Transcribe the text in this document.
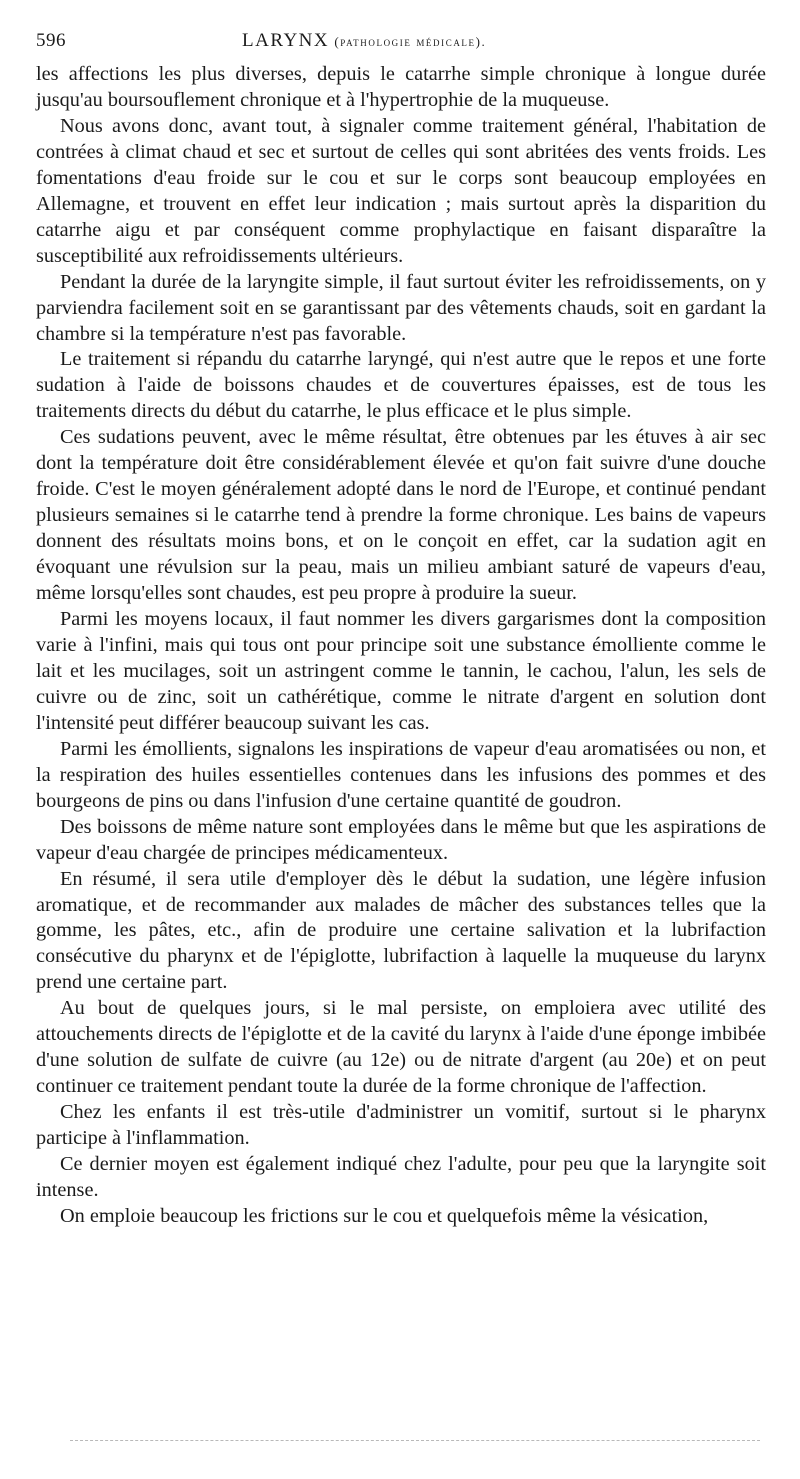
596	LARYNX (pathologie médicale).

les affections les plus diverses, depuis le catarrhe simple chronique à longue durée jusqu'au boursouflement chronique et à l'hypertrophie de la muqueuse.

Nous avons donc, avant tout, à signaler comme traitement général, l'habitation de contrées à climat chaud et sec et surtout de celles qui sont abritées des vents froids. Les fomentations d'eau froide sur le cou et sur le corps sont beaucoup employées en Allemagne, et trouvent en effet leur indication ; mais surtout après la disparition du catarrhe aigu et par conséquent comme prophylactique en faisant disparaître la susceptibilité aux refroidissements ultérieurs.

Pendant la durée de la laryngite simple, il faut surtout éviter les refroidissements, on y parviendra facilement soit en se garantissant par des vêtements chauds, soit en gardant la chambre si la température n'est pas favorable.

Le traitement si répandu du catarrhe laryngé, qui n'est autre que le repos et une forte sudation à l'aide de boissons chaudes et de couvertures épaisses, est de tous les traitements directs du début du catarrhe, le plus efficace et le plus simple.

Ces sudations peuvent, avec le même résultat, être obtenues par les étuves à air sec dont la température doit être considérablement élevée et qu'on fait suivre d'une douche froide. C'est le moyen généralement adopté dans le nord de l'Europe, et continué pendant plusieurs semaines si le catarrhe tend à prendre la forme chronique. Les bains de vapeurs donnent des résultats moins bons, et on le conçoit en effet, car la sudation agit en évoquant une révulsion sur la peau, mais un milieu ambiant saturé de vapeurs d'eau, même lorsqu'elles sont chaudes, est peu propre à produire la sueur.

Parmi les moyens locaux, il faut nommer les divers gargarismes dont la composition varie à l'infini, mais qui tous ont pour principe soit une substance émolliente comme le lait et les mucilages, soit un astringent comme le tannin, le cachou, l'alun, les sels de cuivre ou de zinc, soit un cathérétique, comme le nitrate d'argent en solution dont l'intensité peut différer beaucoup suivant les cas.

Parmi les émollients, signalons les inspirations de vapeur d'eau aromatisées ou non, et la respiration des huiles essentielles contenues dans les infusions des pommes et des bourgeons de pins ou dans l'infusion d'une certaine quantité de goudron.

Des boissons de même nature sont employées dans le même but que les aspirations de vapeur d'eau chargée de principes médicamenteux.

En résumé, il sera utile d'employer dès le début la sudation, une légère infusion aromatique, et de recommander aux malades de mâcher des substances telles que la gomme, les pâtes, etc., afin de produire une certaine salivation et la lubrifaction consécutive du pharynx et de l'épiglotte, lubrifaction à laquelle la muqueuse du larynx prend une certaine part.

Au bout de quelques jours, si le mal persiste, on emploiera avec utilité des attouchements directs de l'épiglotte et de la cavité du larynx à l'aide d'une éponge imbibée d'une solution de sulfate de cuivre (au 12e) ou de nitrate d'argent (au 20e) et on peut continuer ce traitement pendant toute la durée de la forme chronique de l'affection.

Chez les enfants il est très-utile d'administrer un vomitif, surtout si le pharynx participe à l'inflammation.

Ce dernier moyen est également indiqué chez l'adulte, pour peu que la laryngite soit intense.

On emploie beaucoup les frictions sur le cou et quelquefois même la vésication,
